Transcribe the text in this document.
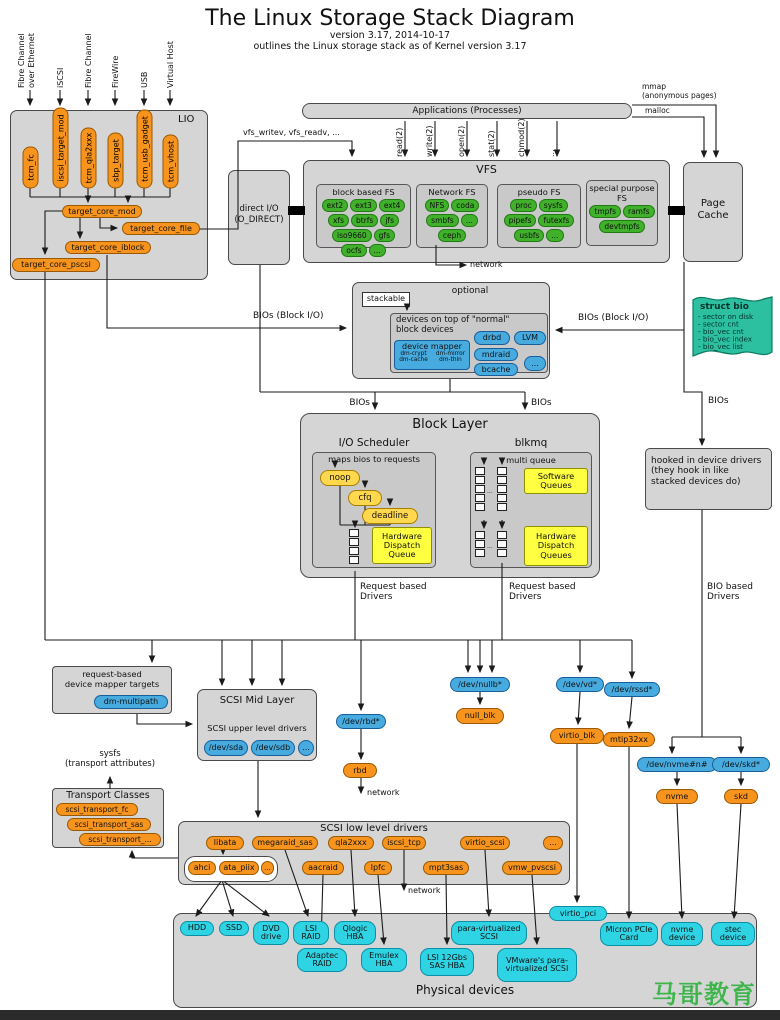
stackable
Fibre Channel over Ethernet	iSCSI Fibre Channel FireWire	USB Virtual Host
read(2)	write(2)	open(2)	stat(2)	chmod(2)	...
tcm_fc	iscsi_target_mod tcm_qla2xxx sbp_target	tcm_usb_gadget tcm_vhost
struct bio
- sector on disk
- sector cnt
- bio_vec cnt
- bio_vec index
- bio_vec list
The Linux Storage Stack Diagram
version 3.17, 2014-10-17
outlines the Linux storage stack as of Kernel version 3.17
LIO
target_core_mod
target_core_file
target_core_iblock
target_core_pscsi
Applications (Processes)
vfs_writev, vfs_readv, ...
mmap
(anonymous pages)
malloc
VFS
block based FS
ext2	ext3	ext4
xfs	btrfs	jfs
iso9660	gfs
ocfs	...
Network FS
NFS	coda
smbfs	...
ceph
pseudo FS
proc	sysfs
pipefs	futexfs
usbfs	...
special purpose FS
tmpfs	ramfs
devtmpfs
network
direct I/O
(O_DIRECT)
Page
Cache
optional
devices on top of "normal"
block devices
device mapper
dm-crypt	dm-mirror
dm-cache	dm-thin
drbd	LVM
mdraid
bcache
...
BIOs (Block I/O)	BIOs (Block I/O)
BIOs	BIOs	BIOs
Block Layer
I/O Scheduler	blkmq
maps bios to requests	multi queue
noop
cfq
deadline
Hardware Dispatch Queue
...
Software Queues
...
Hardware Dispatch Queues
hooked in device drivers (they hook in like stacked devices do)
Request based Drivers
Request based Drivers
BIO based Drivers
request-based
device mapper targets
dm-multipath	SCSI Mid Layer
SCSI upper level drivers
/dev/sda	/dev/sdb	...
sysfs
(transport attributes)
Transport Classes
scsi_transport_fc
scsi_transport_sas
scsi_transport_...
/dev/rbd*
rbd
network
/dev/nullb*
null_blk
/dev/vd*
virtio_blk
/dev/rssd*
mtip32xx
/dev/nvme#n#
nvme
/dev/skd*
skd
SCSI low level drivers
libata	megaraid_sas	qla2xxx	iscsi_tcp	virtio_scsi	...
ahci	ata_piix	...	aacraid	lpfc	mpt3sas	vmw_pvscsi
network
virtio_pci
HDD	SSD	DVD drive
LSI RAID
Qlogic HBA
para-virtualized SCSI
Adaptec RAID
Emulex HBA
LSI 12Gbs SAS HBA
VMware's para-virtualized SCSI
Micron PCIe Card
nvme device
stec device
Physical devices	马哥教育
